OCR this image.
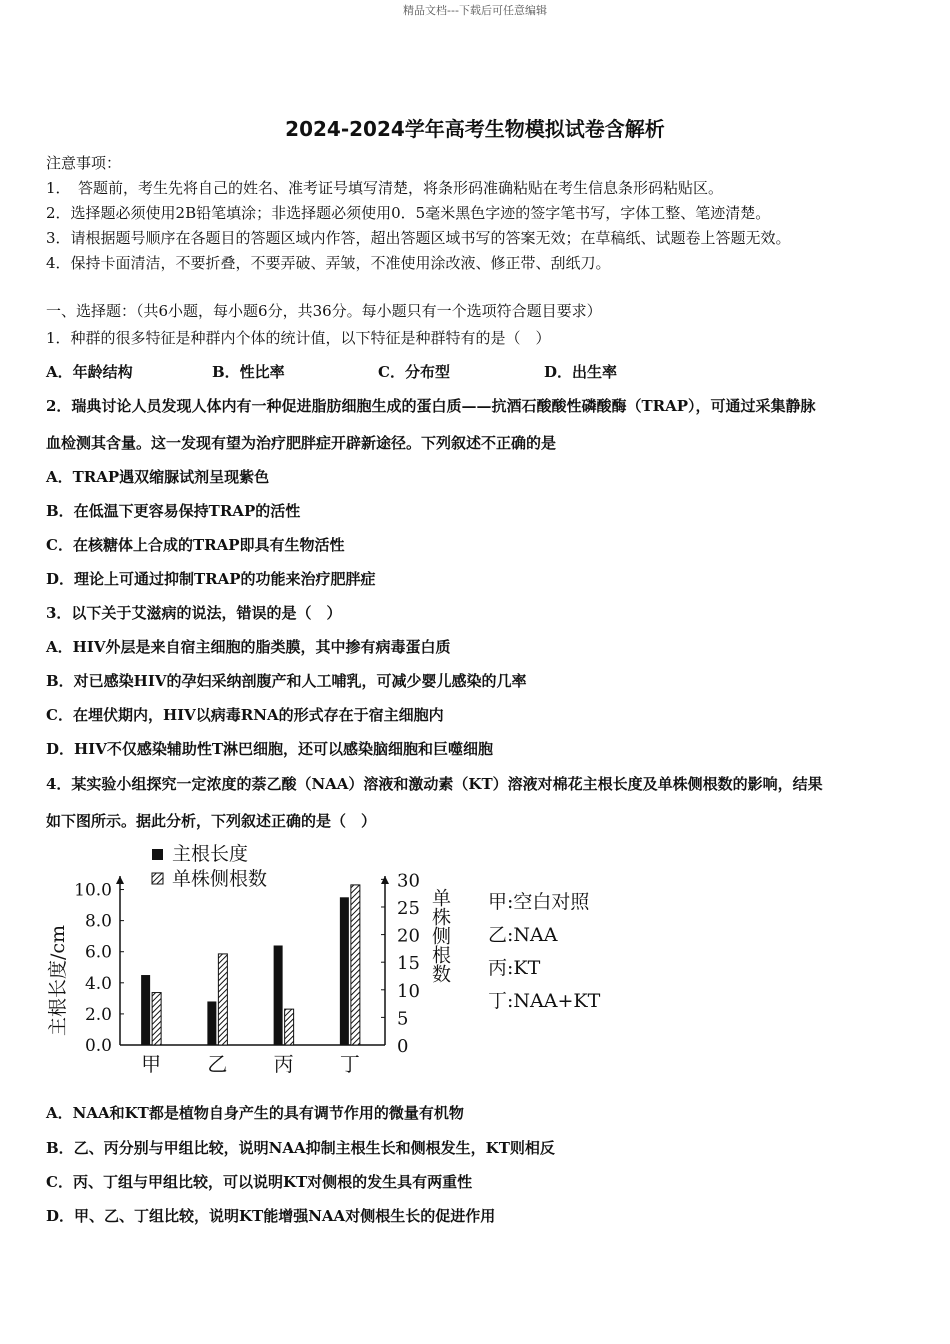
精品文档---下载后可任意编辑
2024-2024学年高考生物模拟试卷含解析
注意事项：
1．　答题前，考生先将自己的姓名、准考证号填写清楚，将条形码准确粘贴在考生信息条形码粘贴区。
2．选择题必须使用2B铅笔填涂；非选择题必须使用0．5毫米黑色字迹的签字笔书写，字体工整、笔迹清楚。
3．请根据题号顺序在各题目的答题区域内作答，超出答题区域书写的答案无效；在草稿纸、试题卷上答题无效。
4．保持卡面清洁，不要折叠，不要弄破、弄皱，不准使用涂改液、修正带、刮纸刀。
一、选择题：（共6小题，每小题6分，共36分。每小题只有一个选项符合题目要求）
1．种群的很多特征是种群内个体的统计值，以下特征是种群特有的是（　）
A．年龄结构	B．性比率	C．分布型	D．出生率
2．瑞典讨论人员发现人体内有一种促进脂肪细胞生成的蛋白质——抗酒石酸酸性磷酸酶（TRAP），可通过采集静脉
血检测其含量。这一发现有望为治疗肥胖症开辟新途径。下列叙述不正确的是
A．TRAP遇双缩脲试剂呈现紫色
B．在低温下更容易保持TRAP的活性
C．在核糖体上合成的TRAP即具有生物活性
D．理论上可通过抑制TRAP的功能来治疗肥胖症
3．以下关于艾滋病的说法，错误的是（　）
A．HIV外层是来自宿主细胞的脂类膜，其中掺有病毒蛋白质
B．对已感染HIV的孕妇采纳剖腹产和人工哺乳，可减少婴儿感染的几率
C．在埋伏期内，HIV以病毒RNA的形式存在于宿主细胞内
D．HIV不仅感染辅助性T淋巴细胞，还可以感染脑细胞和巨噬细胞
4．某实验小组探究一定浓度的萘乙酸（NAA）溶液和激动素（KT）溶液对棉花主根长度及单株侧根数的影响，结果
如下图所示。据此分析，下列叙述正确的是（　）
0.0
2.0
4.0
6.0
8.0
10.0
0
5
10
15
20
25
30
甲 乙 丙 丁
主根长度/cm	单株侧根数
主根长度
单株侧根数
甲:空白对照
乙:NAA
丙:KT
丁:NAA+KT
A．NAA和KT都是植物自身产生的具有调节作用的微量有机物
B．乙、丙分别与甲组比较，说明NAA抑制主根生长和侧根发生，KT则相反
C．丙、丁组与甲组比较，可以说明KT对侧根的发生具有两重性
D．甲、乙、丁组比较，说明KT能增强NAA对侧根生长的促进作用
